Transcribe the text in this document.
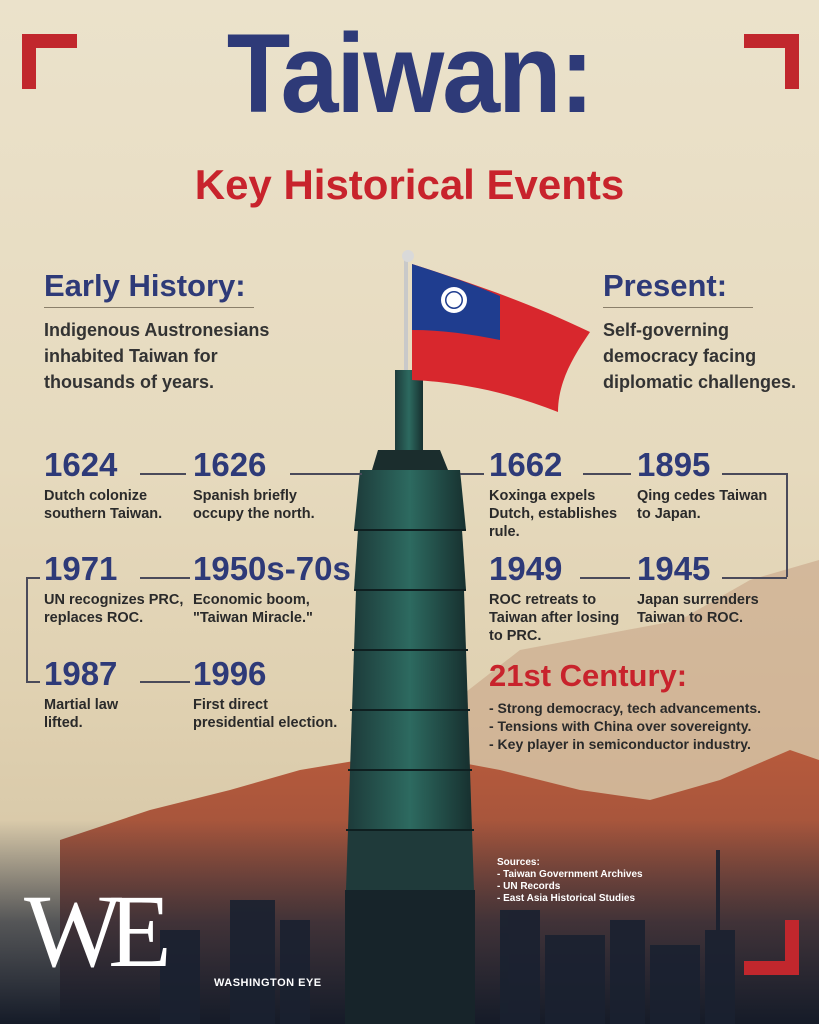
Taiwan:
Key Historical Events
Early History:
Indigenous Austronesians
inhabited Taiwan for
thousands of years.
Present:
Self-governing
democracy facing
diplomatic challenges.
1624
Dutch colonize
southern Taiwan.
1626
Spanish briefly
occupy the north.
1971
UN recognizes PRC,
replaces ROC.
1950s-70s
Economic boom,
"Taiwan Miracle."
1987
Martial law
lifted.
1996
First direct
presidential election.
1662
Koxinga expels
Dutch, establishes
rule.
1895
Qing cedes Taiwan
to Japan.
1949
ROC retreats to
Taiwan after losing
to PRC.
1945
Japan surrenders
Taiwan to ROC.
21st Century:
- Strong democracy, tech advancements.
- Tensions with China over sovereignty.
- Key player in semiconductor industry.
Sources:
- Taiwan Government Archives
- UN Records
- East Asia Historical Studies
WE	WASHINGTON EYE
